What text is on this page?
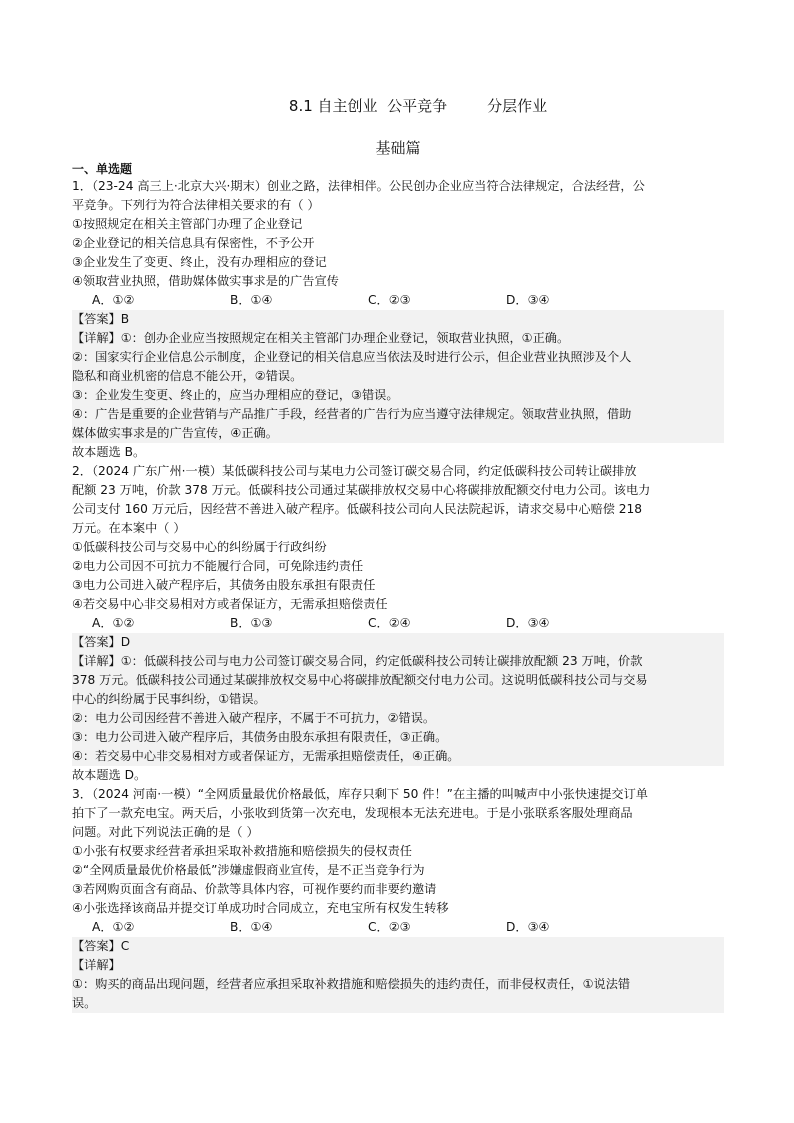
8.1 自主创业  公平竞争	分层作业
基础篇
一、单选题
1．（23-24 高三上·北京大兴·期末）创业之路，法律相伴。公民创办企业应当符合法律规定，合法经营，公
平竞争。下列行为符合法律相关要求的有（ ）
①按照规定在相关主管部门办理了企业登记
②企业登记的相关信息具有保密性，不予公开
③企业发生了变更、终止，没有办理相应的登记
④领取营业执照，借助媒体做实事求是的广告宣传
A．①②	B．①④	C．②③	D．③④
【答案】B
【详解】①：创办企业应当按照规定在相关主管部门办理企业登记，领取营业执照，①正确。
②：国家实行企业信息公示制度，企业登记的相关信息应当依法及时进行公示，但企业营业执照涉及个人
隐私和商业机密的信息不能公开，②错误。
③：企业发生变更、终止的，应当办理相应的登记，③错误。
④：广告是重要的企业营销与产品推广手段，经营者的广告行为应当遵守法律规定。领取营业执照，借助
媒体做实事求是的广告宣传，④正确。
故本题选 B。
2．（2024 广东广州·一模）某低碳科技公司与某电力公司签订碳交易合同，约定低碳科技公司转让碳排放
配额 23 万吨，价款 378 万元。低碳科技公司通过某碳排放权交易中心将碳排放配额交付电力公司。该电力
公司支付 160 万元后，因经营不善进入破产程序。低碳科技公司向人民法院起诉，请求交易中心赔偿 218
万元。在本案中（ ）
①低碳科技公司与交易中心的纠纷属于行政纠纷
②电力公司因不可抗力不能履行合同，可免除违约责任
③电力公司进入破产程序后，其债务由股东承担有限责任
④若交易中心非交易相对方或者保证方，无需承担赔偿责任
A．①②	B．①③	C．②④	D．③④
【答案】D
【详解】①：低碳科技公司与电力公司签订碳交易合同，约定低碳科技公司转让碳排放配额 23 万吨，价款
378 万元。低碳科技公司通过某碳排放权交易中心将碳排放配额交付电力公司。这说明低碳科技公司与交易
中心的纠纷属于民事纠纷，①错误。
②：电力公司因经营不善进入破产程序，不属于不可抗力，②错误。
③：电力公司进入破产程序后，其债务由股东承担有限责任，③正确。
④：若交易中心非交易相对方或者保证方，无需承担赔偿责任，④正确。
故本题选 D。
3．（2024 河南·一模）“全网质量最优价格最低，库存只剩下 50 件！”在主播的叫喊声中小张快速提交订单
拍下了一款充电宝。两天后，小张收到货第一次充电，发现根本无法充进电。于是小张联系客服处理商品
问题。对此下列说法正确的是（ ）
①小张有权要求经营者承担采取补救措施和赔偿损失的侵权责任
②“全网质量最优价格最低”涉嫌虚假商业宣传，是不正当竞争行为
③若网购页面含有商品、价款等具体内容，可视作要约而非要约邀请
④小张选择该商品并提交订单成功时合同成立，充电宝所有权发生转移
A．①②	B．①④	C．②③	D．③④
【答案】C
【详解】
①：购买的商品出现问题，经营者应承担采取补救措施和赔偿损失的违约责任，而非侵权责任，①说法错
误。
